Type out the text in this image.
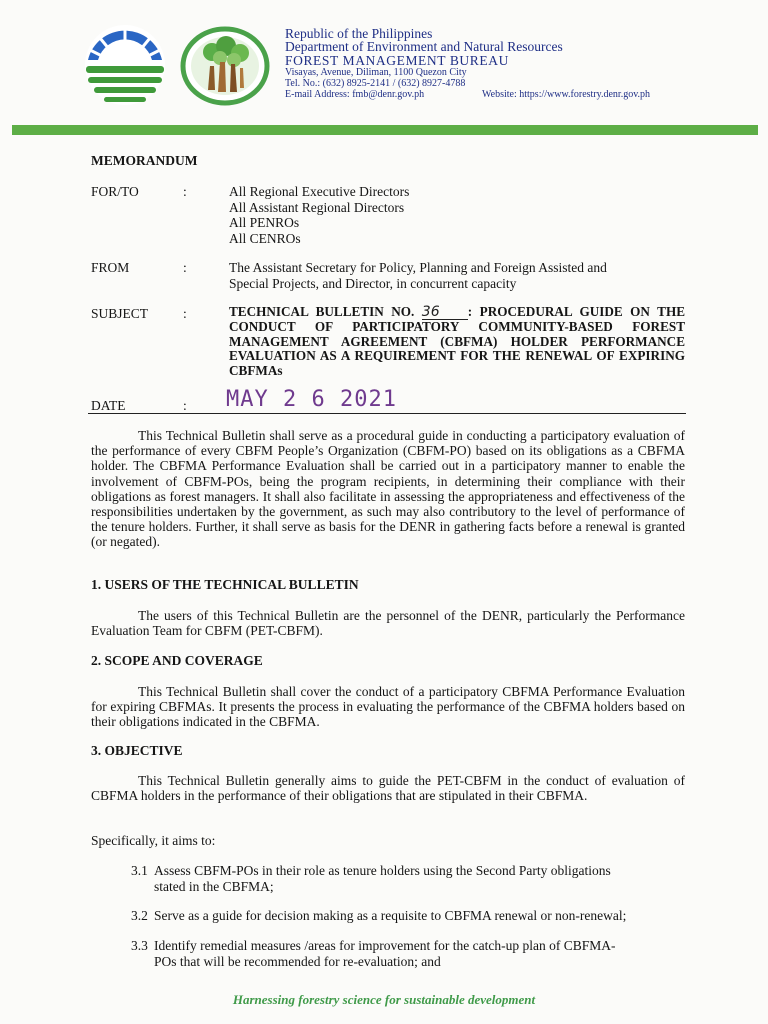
Republic of the Philippines
Department of Environment and Natural Resources
FOREST MANAGEMENT BUREAU
Visayas, Avenue, Diliman, 1100 Quezon City
Tel. No.: (632) 8925-2141 / (632) 8927-4788
E-mail Address: fmb@denr.gov.ph	Website: https://www.forestry.denr.gov.ph
MEMORANDUM
FOR/TO	:	All Regional Executive Directors
All Assistant Regional Directors
All PENROs
All CENROs
FROM	:	The Assistant Secretary for Policy, Planning and Foreign Assisted and
Special Projects, and Director, in concurrent capacity
SUBJECT	:	TECHNICAL BULLETIN NO. 36 : PROCEDURAL GUIDE ON THE CONDUCT OF PARTICIPATORY COMMUNITY-BASED FOREST MANAGEMENT AGREEMENT (CBFMA) HOLDER PERFORMANCE EVALUATION AS A REQUIREMENT FOR THE RENEWAL OF EXPIRING CBFMAs
DATE	: MAY 2 6 2021
This Technical Bulletin shall serve as a procedural guide in conducting a participatory evaluation of the performance of every CBFM People’s Organization (CBFM-PO) based on its obligations as a CBFMA holder. The CBFMA Performance Evaluation shall be carried out in a participatory manner to enable the involvement of CBFM-POs, being the program recipients, in determining their compliance with their obligations as forest managers. It shall also facilitate in assessing the appropriateness and effectiveness of the responsibilities undertaken by the government, as such may also contributory to the level of performance of the tenure holders. Further, it shall serve as basis for the DENR in gathering facts before a renewal is granted (or negated).
1. USERS OF THE TECHNICAL BULLETIN
The users of this Technical Bulletin are the personnel of the DENR, particularly the Performance Evaluation Team for CBFM (PET-CBFM).
2. SCOPE AND COVERAGE
This Technical Bulletin shall cover the conduct of a participatory CBFMA Performance Evaluation for expiring CBFMAs. It presents the process in evaluating the performance of the CBFMA holders based on their obligations indicated in the CBFMA.
3. OBJECTIVE
This Technical Bulletin generally aims to guide the PET-CBFM in the conduct of evaluation of CBFMA holders in the performance of their obligations that are stipulated in their CBFMA.
Specifically, it aims to:
3.1 Assess CBFM-POs in their role as tenure holders using the Second Party obligations
stated in the CBFMA;
3.2 Serve as a guide for decision making as a requisite to CBFMA renewal or non-renewal;
3.3 Identify remedial measures /areas for improvement for the catch-up plan of CBFMA-
POs that will be recommended for re-evaluation; and
Harnessing forestry science for sustainable development
